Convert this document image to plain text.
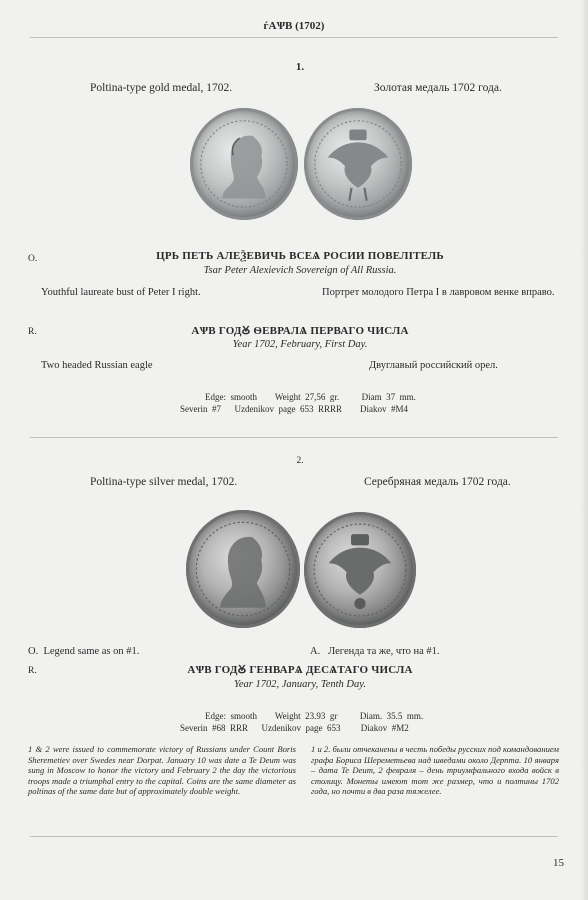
ѓАѰВ (1702)
1.
Poltina-type gold medal, 1702.	Золотая медаль 1702 года.
O.	ЦРЬ ПЕТЬ АЛЕѮЕВИЧЬ ВСЕѦ РОСИИ ПОВЕЛІТЕЛЬ
Tsar Peter Alexievich Sovereign of All Russia.
Youthful laureate bust of Peter I right.	Портрет молодого Петра I в лавровом венке вправо.
R.	АѰВ ГОДꙊ ѲЕВРАЛѦ ПЕРВАГО ЧИСЛА
Year 1702, February, First Day.
Two headed Russian eagle	Двуглавый российский орел.
Edge:  smooth        Weight  27,56  gr.          Diam  37  mm.
Severin  #7      Uzdenikov  page  653  RRRR        Diakov  #M4
2.
Poltina-type silver medal, 1702.	Серебряная медаль 1702 года.
O.  Legend same as on #1.	А.   Легенда та же, что на #1.
R.	АѰВ ГОДꙊ ГЕНВАРѦ ДЕСѦТАГО ЧИСЛА
Year 1702, January, Tenth Day.
Edge:  smooth        Weight  23.93  gr          Diam.  35.5  mm.
Severin  #68  RRR      Uzdenikov  page  653         Diakov  #M2
1 & 2 were issued to commemorate victory of Russians under Count Boris Sheremetiev over Swedes near Dorpat. January 10 was date a Te Deum was sung in Moscow to honor the victory and February 2 the day the victorious troops made a triumphal entry to the capital. Coins are the same diameter as poltinas of the same date but of approximately double weight.
1 и 2. были отчеканены в честь победы русских под командованием графа Бориса Шереметьева над шведами около Дерпта. 10 января – дата Te Deum, 2 февраля – день триумфального входа войск в столицу. Монеты имеют тот же размер, что и полтины 1702 года, но почти в два раза тяжелее.
15
